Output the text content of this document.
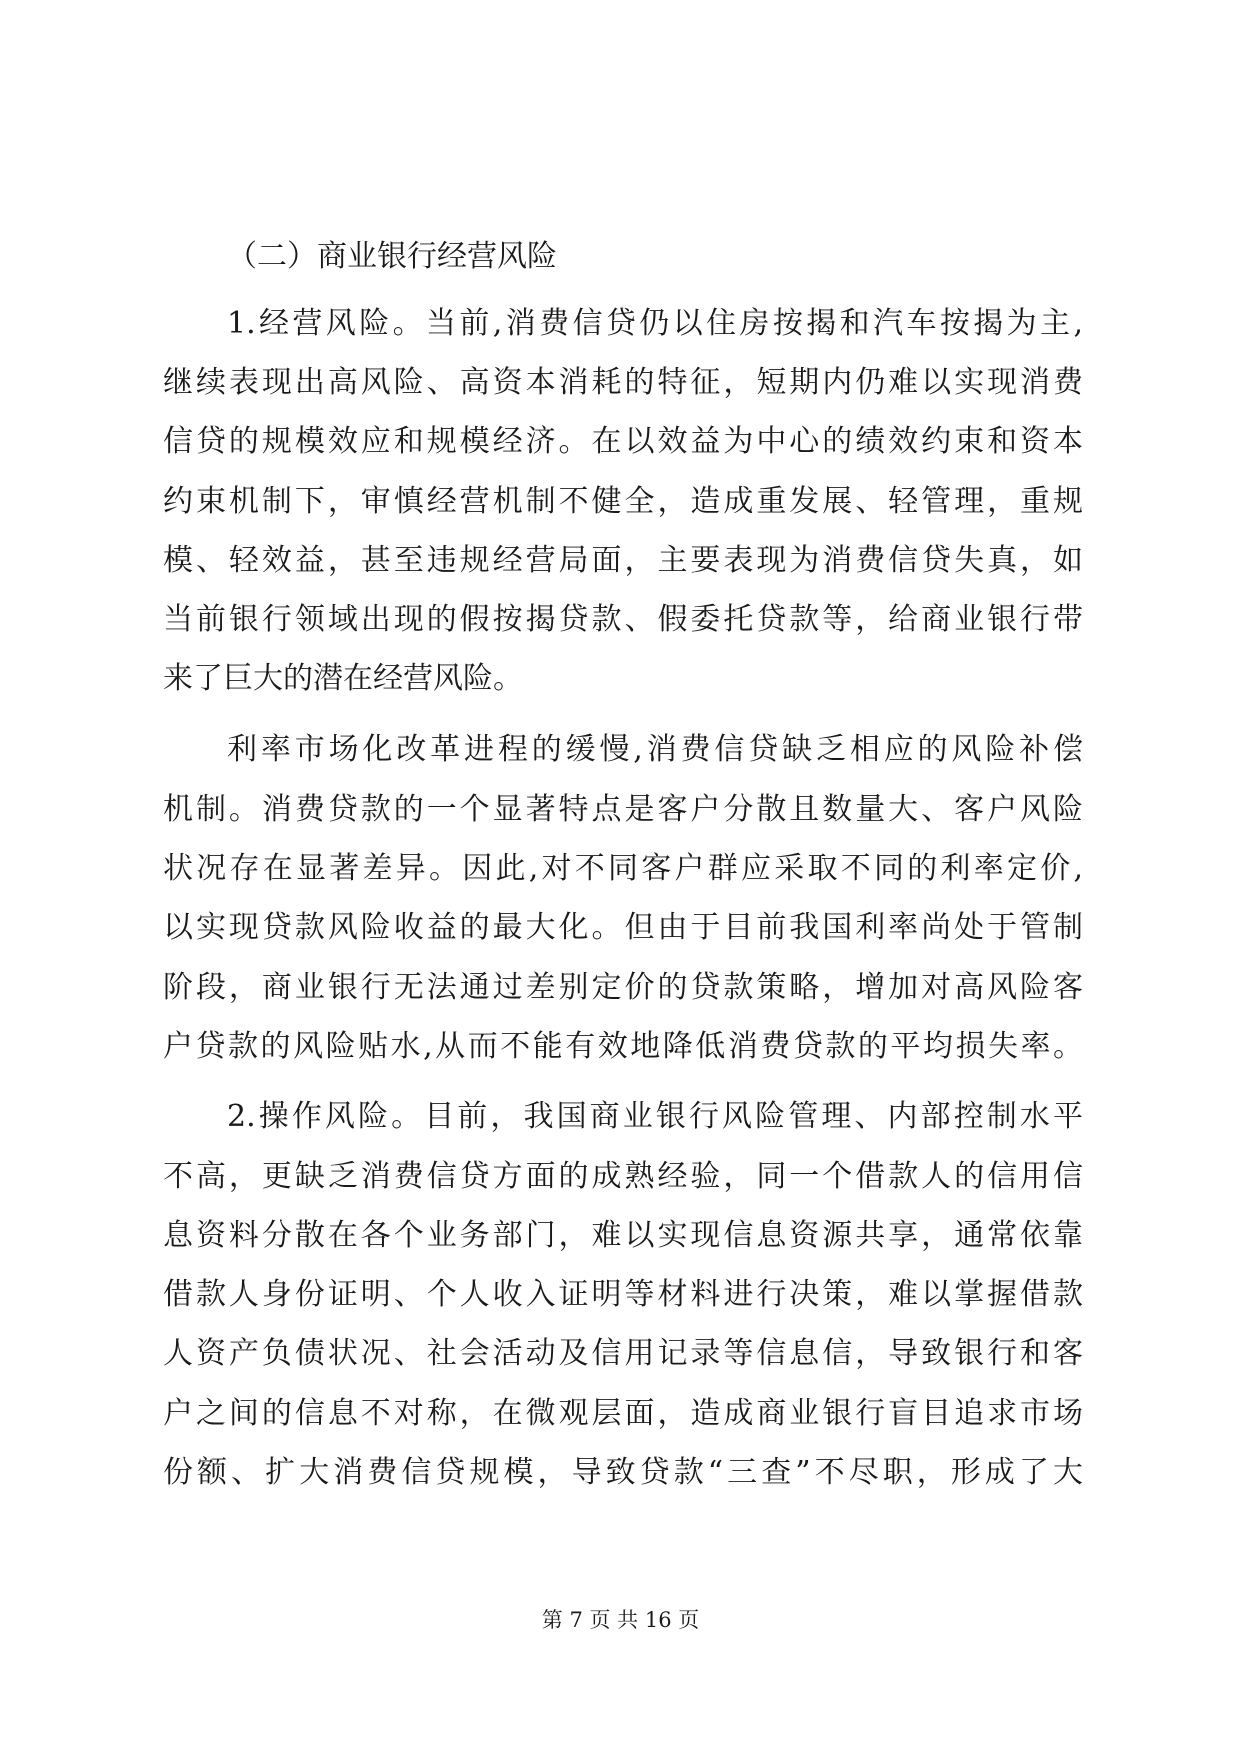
（二）商业银行经营风险
1.经营风险。当前,消费信贷仍以住房按揭和汽车按揭为主,
继续表现出高风险、高资本消耗的特征，短期内仍难以实现消费
信贷的规模效应和规模经济。在以效益为中心的绩效约束和资本
约束机制下，审慎经营机制不健全，造成重发展、轻管理，重规
模、轻效益，甚至违规经营局面，主要表现为消费信贷失真，如
当前银行领域出现的假按揭贷款、假委托贷款等，给商业银行带
来了巨大的潜在经营风险。
利率市场化改革进程的缓慢,消费信贷缺乏相应的风险补偿
机制。消费贷款的一个显著特点是客户分散且数量大、客户风险
状况存在显著差异。因此,对不同客户群应采取不同的利率定价,
以实现贷款风险收益的最大化。但由于目前我国利率尚处于管制
阶段，商业银行无法通过差别定价的贷款策略，增加对高风险客
户贷款的风险贴水,从而不能有效地降低消费贷款的平均损失率。
2.操作风险。目前，我国商业银行风险管理、内部控制水平
不高，更缺乏消费信贷方面的成熟经验，同一个借款人的信用信
息资料分散在各个业务部门，难以实现信息资源共享，通常依靠
借款人身份证明、个人收入证明等材料进行决策，难以掌握借款
人资产负债状况、社会活动及信用记录等信息信，导致银行和客
户之间的信息不对称，在微观层面，造成商业银行盲目追求市场
份额、扩大消费信贷规模，导致贷款“三查”不尽职，形成了大
第 7 页 共 16 页
